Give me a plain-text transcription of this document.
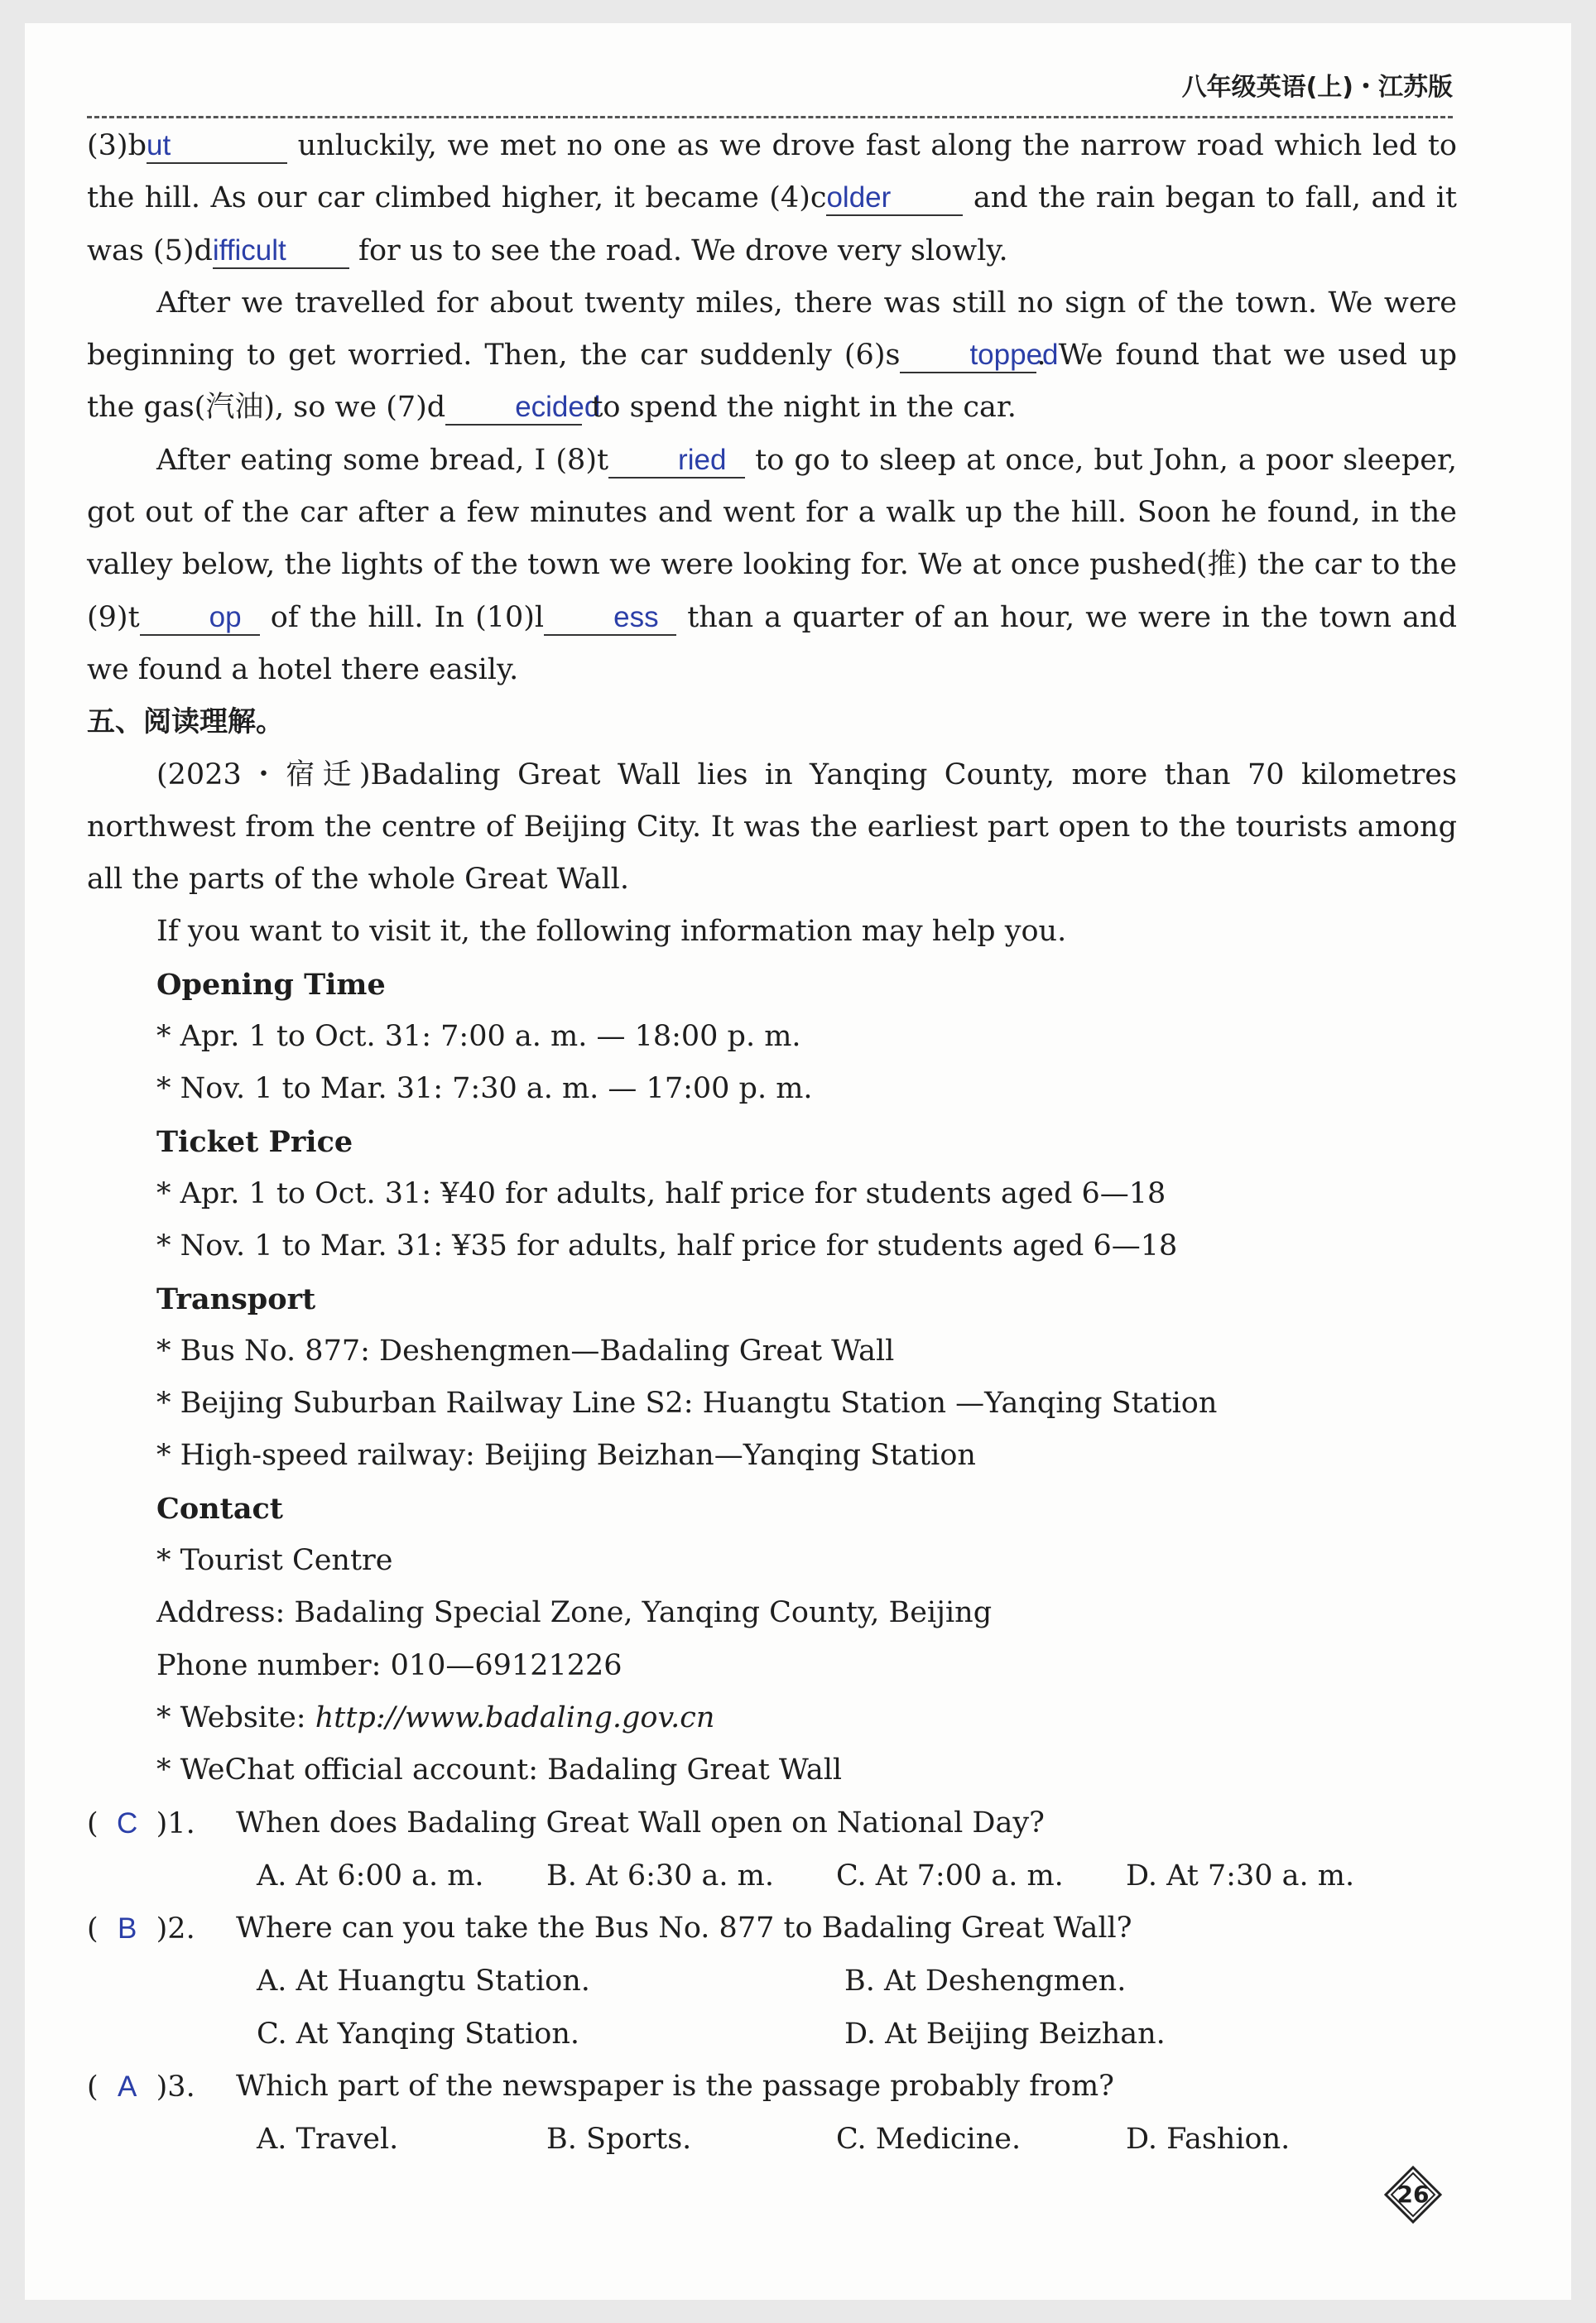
八年级英语(上)・江苏版

(3)but	unluckily, we met no one as we drove fast along the narrow road which led to the hill. As our car climbed higher, it became (4)colder and the rain began to fall, and it was (5)difficult for us to see the road. We drove very slowly.

After we travelled for about twenty miles, there was still no sign of the town. We were beginning to get worried. Then, the car suddenly (6)s topped. We found that we used up the gas(汽油), so we (7)d ecided to spend the night in the car.

After eating some bread, I (8)t ried to go to sleep at once, but John, a poor sleeper, got out of the car after a few minutes and went for a walk up the hill. Soon he found, in the valley below, the lights of the town we were looking for. We at once pushed(推) the car to the (9)t op of the hill. In (10)l ess than a quarter of an hour, we were in the town and we found a hotel there easily.

五、阅读理解。

(2023・宿迁)Badaling Great Wall lies in Yanqing County, more than 70 kilometres northwest from the centre of Beijing City. It was the earliest part open to the tourists among all the parts of the whole Great Wall.

If you want to visit it, the following information may help you.

Opening Time

* Apr. 1 to Oct. 31: 7:00 a. m. — 18:00 p. m.

* Nov. 1 to Mar. 31: 7:30 a. m. — 17:00 p. m.

Ticket Price

* Apr. 1 to Oct. 31: ¥40 for adults, half price for students aged 6—18

* Nov. 1 to Mar. 31: ¥35 for adults, half price for students aged 6—18

Transport

* Bus No. 877: Deshengmen—Badaling Great Wall

* Beijing Suburban Railway Line S2: Huangtu Station —Yanqing Station

* High-speed railway: Beijing Beizhan—Yanqing Station

Contact

* Tourist Centre

Address: Badaling Special Zone, Yanqing County, Beijing

Phone number: 010—69121226

* Website: http://www.badaling.gov.cn

* WeChat official account: Badaling Great Wall

( C )1.	When does Badaling Great Wall open on National Day?
A. At 6:00 a. m.	B. At 6:30 a. m.	C. At 7:00 a. m.	D. At 7:30 a. m.
( B )2.	Where can you take the Bus No. 877 to Badaling Great Wall?
A. At Huangtu Station.	B. At Deshengmen.
C. At Yanqing Station.	D. At Beijing Beizhan.
( A )3.	Which part of the newspaper is the passage probably from?
A. Travel.	B. Sports.	C. Medicine.	D. Fashion.
26
